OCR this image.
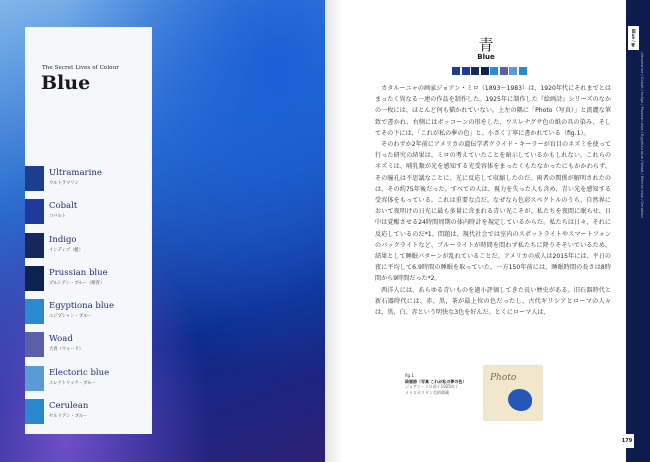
The Secret Lives of Colour
Blue
Ultramarine
ウルトラマリン
Cobalt
コバルト
Indigo
インディゴ（藍）
Prussian blue
プルシアン・ブルー（紺青）
Egyptiona blue
エジプシャン・ブルー
Woad
大青（ウォード）
Electoric blue
エレクトリック・ブルー
Cerulean
セルリアン・ブルー
青
Blue

カタルーニャの画家ジョアン・ミロ（1893〜1983）は、1920年代にそれまでとはまったく異なる一連の作品を制作した。1925年に制作した『絵画詩』シリーズのなかの一枚には、ほとんど何も描かれていない。上左の隅に「Photo（写真）」と流麗な筆致で書かれ、右側にはボッコーンの形をした、ワスレナグサ色の紙の具の染み、そしてその下には、「これが私の夢の色」と、小さく丁寧に書かれている（fig.1）。

そのわずか2年前にアメリカの遺伝学者クライド・キーラーが盲目のネズミを使って行った研究の結果は、ミロの考えていたことを暗示しているかもしれない。これらのネズミは、哺乳類が光を感知する光受容体をまったくもたなかったにもかかわらず、その瞳孔は不思議なことに、光に反応して収縮したのだ。両者の関係が解明されたのは、その約75年後だった。すべての人は、視力を失った人も含め、青い光を感知する受容体をもっている。これは重要な点だ。なぜなら色彩スペクトルのうち、自然界において夜明けの日光に最も多量に含まれる青い光こそが、私たちを夜間に眠らせ、日中は覚醒させる24時間周期の体内時計を規定しているからだ。私たちは日々、それに反応しているのだ*1。問題は、現代社会では室内のスポットライトやスマートフォンのバックライトなど、ブルーライトが時間を問わず私たちに降りそそいでいるため、結果として睡眠パターンが乱れていることだ。アメリカの成人は2015年には、平日の夜に平均して6.9時間の睡眠を取っていた。一方150年前には、睡眠時間の長さは8時間から9時間だった*2。

西洋人には、あらゆる青いものを過小評価してきた長い歴史がある。旧石器時代と新石器時代には、赤、黒、茶が最上位の色だったし、古代ギリシアとローマの人々は、黒、白、赤という明快な3色を好んだ。とくにローマ人は、

fig.1
絵画詩（写真 これが私の夢の色）
ジョアン・ミロ画 / 1925年 /
メトロポリタン美術館蔵
Photo
Blue / 青
Ultramarine / Cobalt / Indigo / Prussian blue / Egyptian blue / Woad / Electric blue / Cerulean
179
